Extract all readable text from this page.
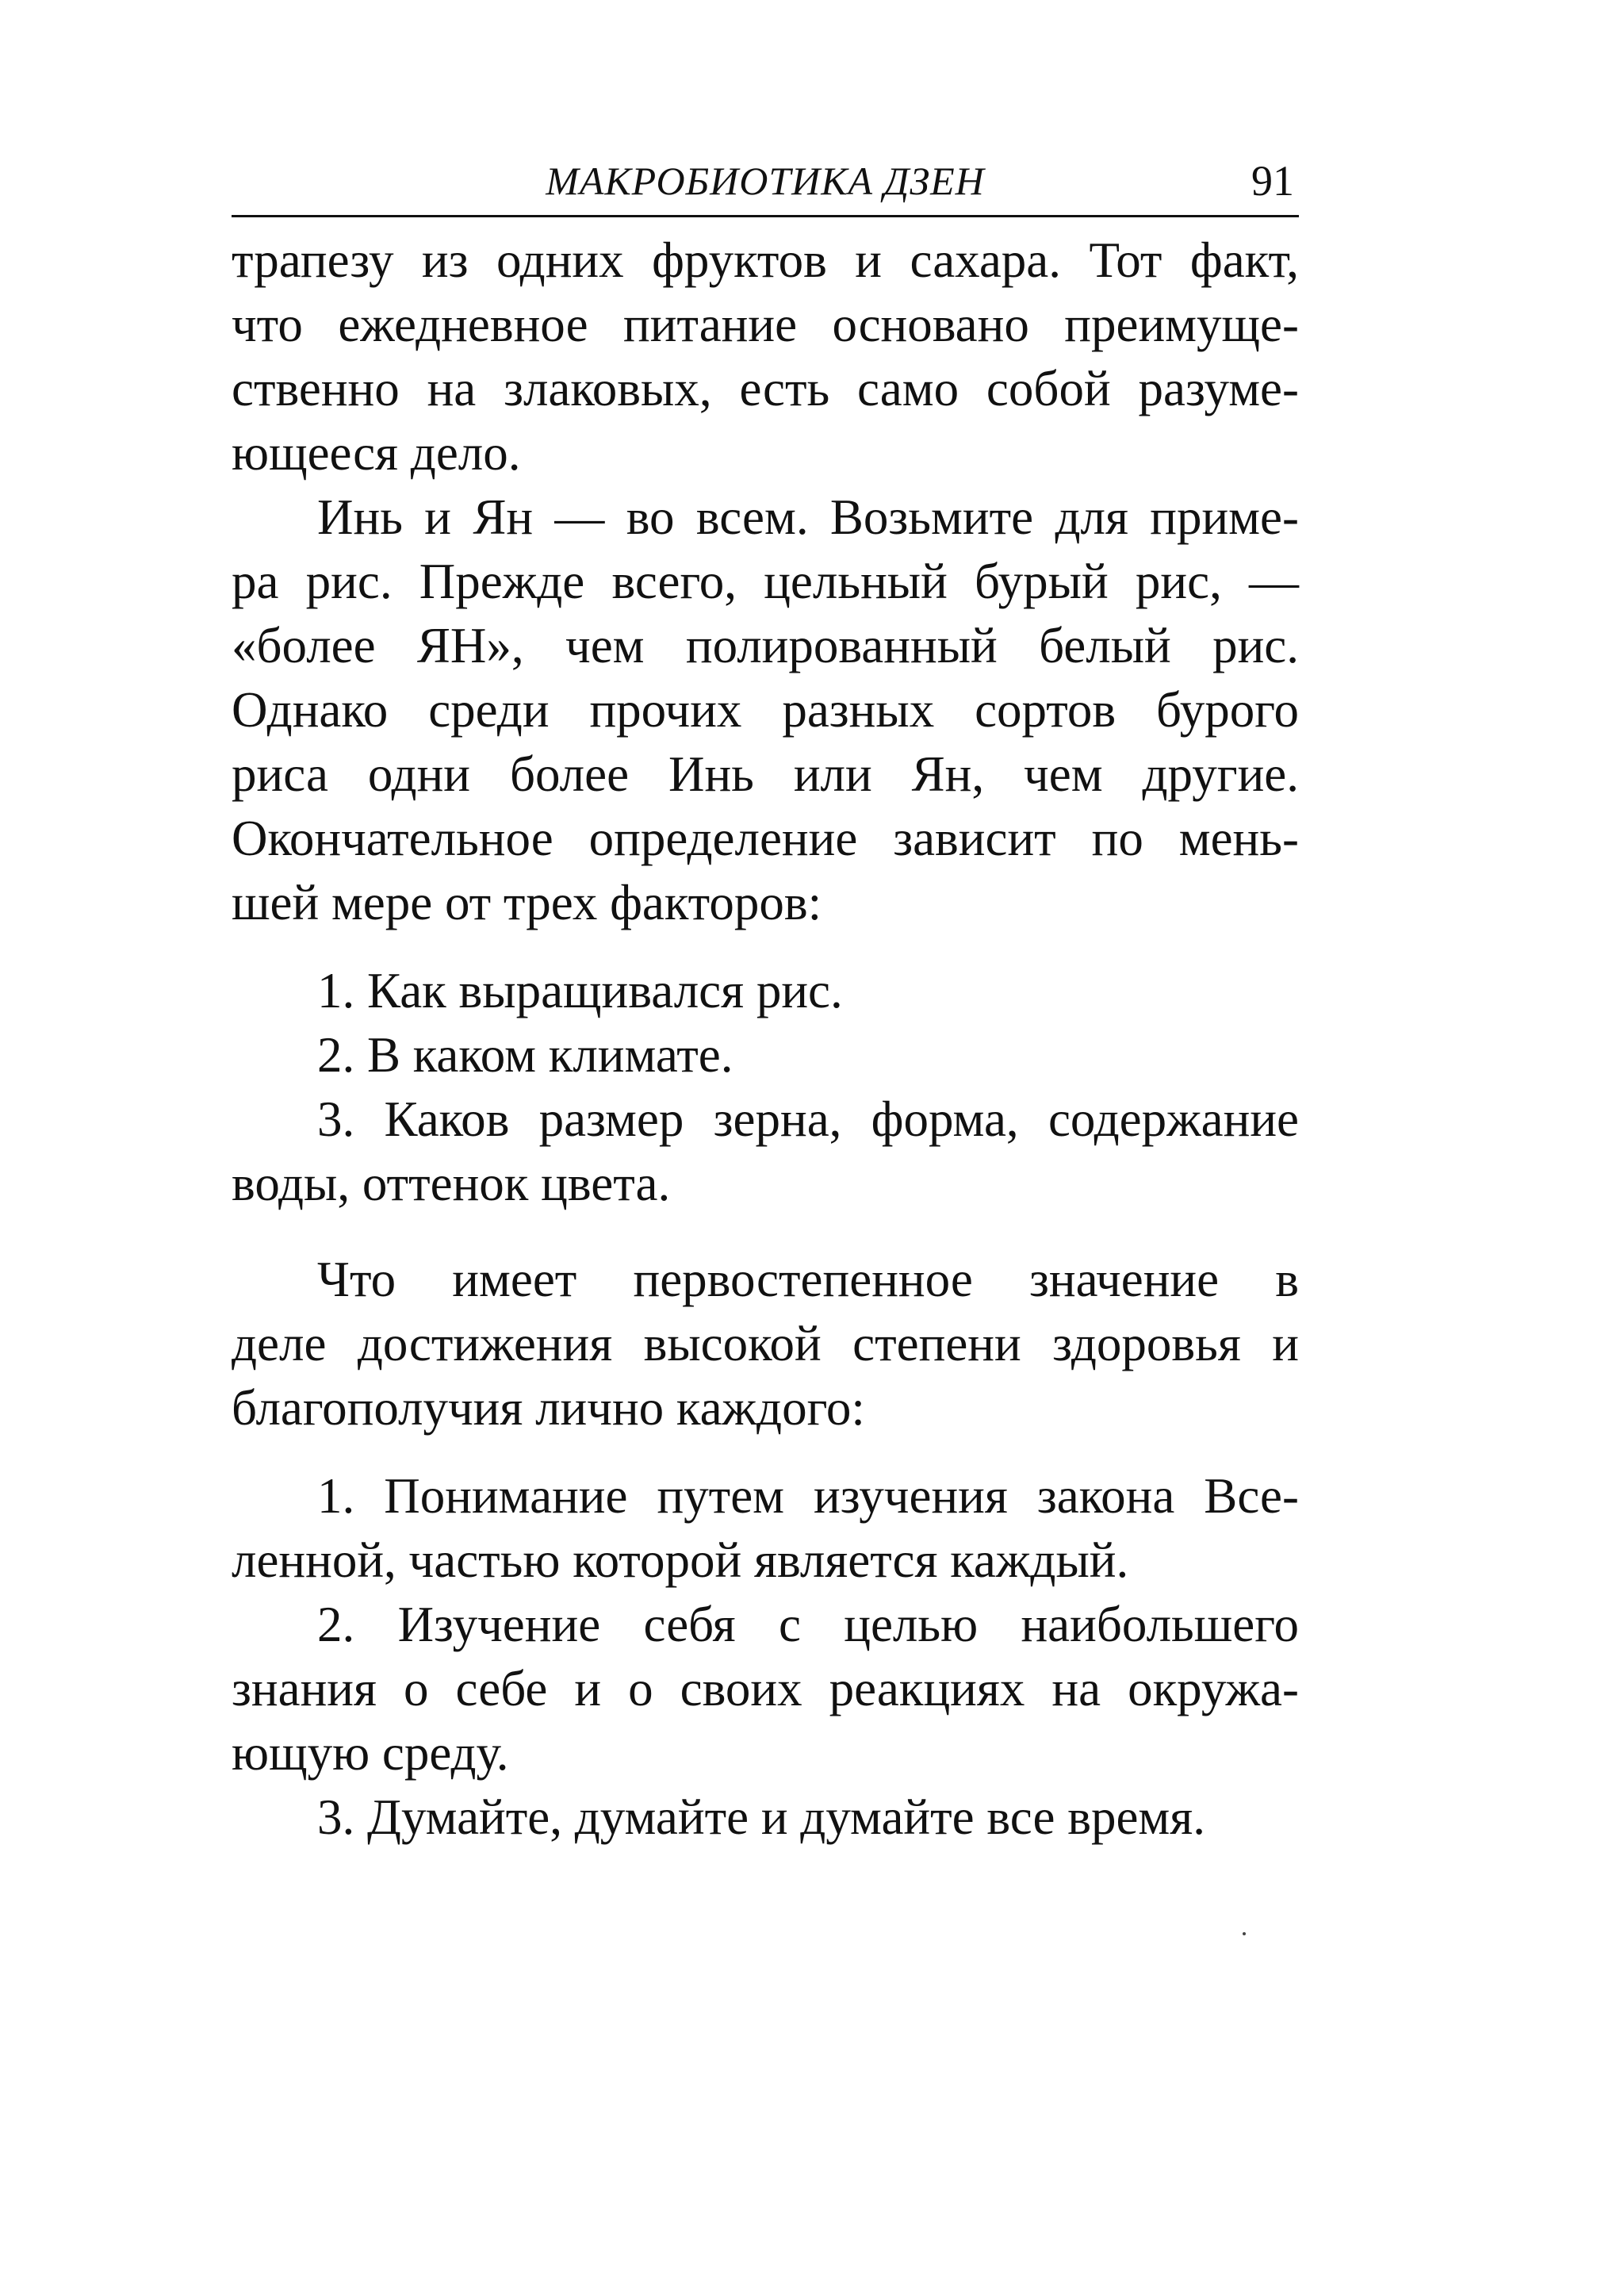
МАКРОБИОТИКА ДЗЕН	91
трапезу из одних фруктов и сахара. Тот факт,
что ежедневное питание основано преимуще-
ственно на злаковых, есть само собой разуме-
ющееся дело.
Инь и Ян — во всем. Возьмите для приме-
ра рис. Прежде всего, цельный бурый рис, —
«более ЯН», чем полированный белый рис.
Однако среди прочих разных сортов бурого
риса одни более Инь или Ян, чем другие.
Окончательное определение зависит по мень-
шей мере от трех факторов:
1. Как выращивался рис.
2. В каком климате.
3. Каков размер зерна, форма, содержание
воды, оттенок цвета.
Что имеет первостепенное значение в
деле достижения высокой степени здоровья и
благополучия лично каждого:
1. Понимание путем изучения закона Все-
ленной, частью которой является каждый.
2. Изучение себя с целью наибольшего
знания о себе и о своих реакциях на окружа-
ющую среду.
3. Думайте, думайте и думайте все время.
